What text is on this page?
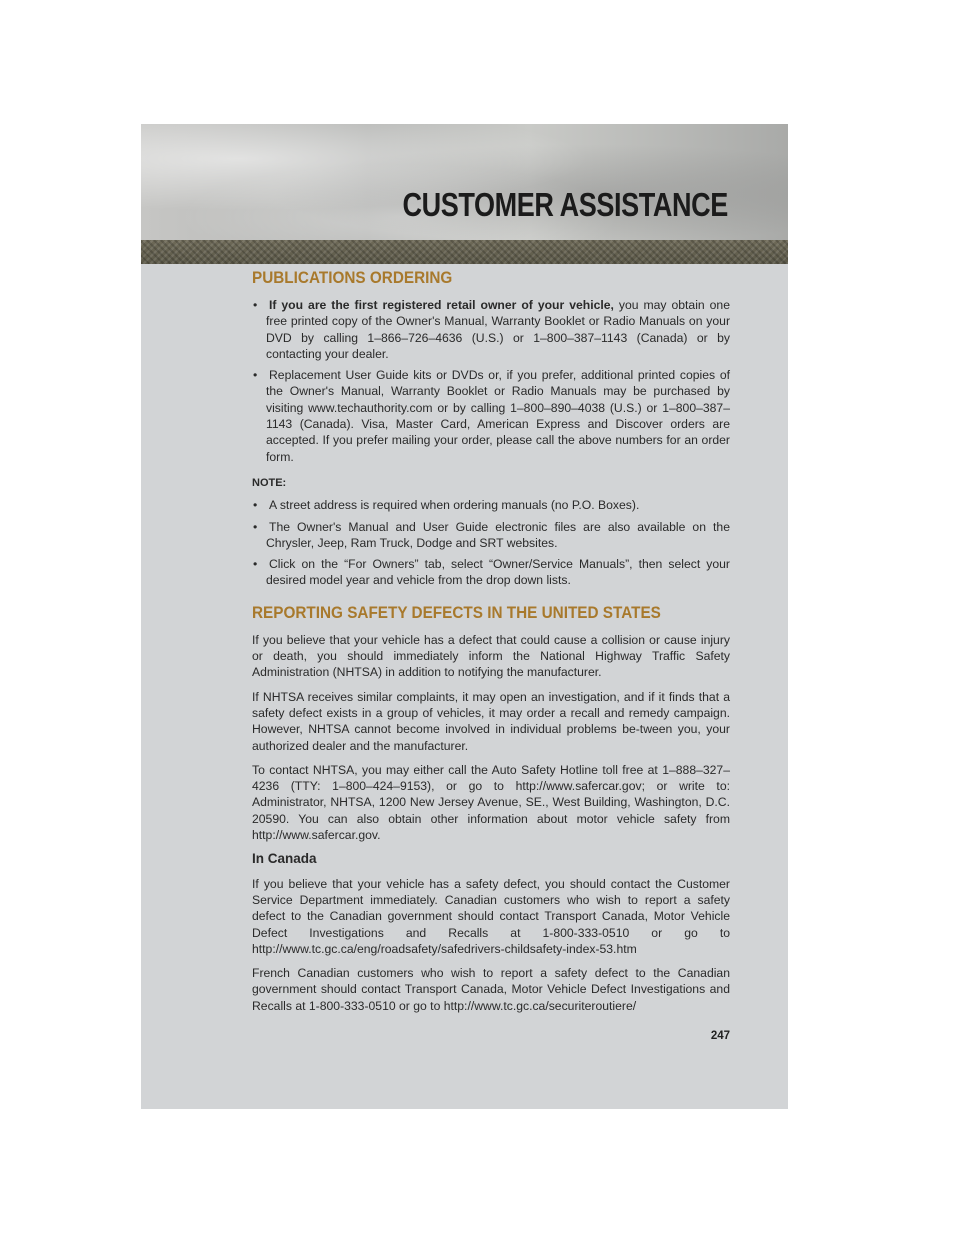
CUSTOMER ASSISTANCE
PUBLICATIONS ORDERING
• If you are the first registered retail owner of your vehicle, you may obtain one free printed copy of the Owner's Manual, Warranty Booklet or Radio Manuals on your DVD by calling 1–866–726–4636 (U.S.) or 1–800–387–1143 (Canada) or by contacting your dealer.
• Replacement User Guide kits or DVDs or, if you prefer, additional printed copies of the Owner's Manual, Warranty Booklet or Radio Manuals may be purchased by visiting www.techauthority.com or by calling 1–800–890–4038 (U.S.) or 1–800–387–1143 (Canada). Visa, Master Card, American Express and Discover orders are accepted. If you prefer mailing your order, please call the above numbers for an order form.
NOTE:
• A street address is required when ordering manuals (no P.O. Boxes).
• The Owner's Manual and User Guide electronic files are also available on the Chrysler, Jeep, Ram Truck, Dodge and SRT websites.
• Click on the “For Owners” tab, select “Owner/Service Manuals”, then select your desired model year and vehicle from the drop down lists.
REPORTING SAFETY DEFECTS IN THE UNITED STATES

If you believe that your vehicle has a defect that could cause a collision or cause injury or death, you should immediately inform the National Highway Traffic Safety Administration (NHTSA) in addition to notifying the manufacturer.

If NHTSA receives similar complaints, it may open an investigation, and if it finds that a safety defect exists in a group of vehicles, it may order a recall and remedy campaign. However, NHTSA cannot become involved in individual problems be-tween you, your authorized dealer and the manufacturer.

To contact NHTSA, you may either call the Auto Safety Hotline toll free at 1–888–327–4236 (TTY: 1–800–424–9153), or go to http://www.safercar.gov; or write to: Administrator, NHTSA, 1200 New Jersey Avenue, SE., West Building, Washington, D.C. 20590. You can also obtain other information about motor vehicle safety from http://www.safercar.gov.

In Canada

If you believe that your vehicle has a safety defect, you should contact the Customer Service Department immediately. Canadian customers who wish to report a safety defect to the Canadian government should contact Transport Canada, Motor Vehicle Defect Investigations and Recalls at 1-800-333-0510 or go to http://www.tc.gc.ca/eng/roadsafety/safedrivers-childsafety-index-53.htm

French Canadian customers who wish to report a safety defect to the Canadian government should contact Transport Canada, Motor Vehicle Defect Investigations and Recalls at 1-800-333-0510 or go to http://www.tc.gc.ca/securiteroutiere/

247
